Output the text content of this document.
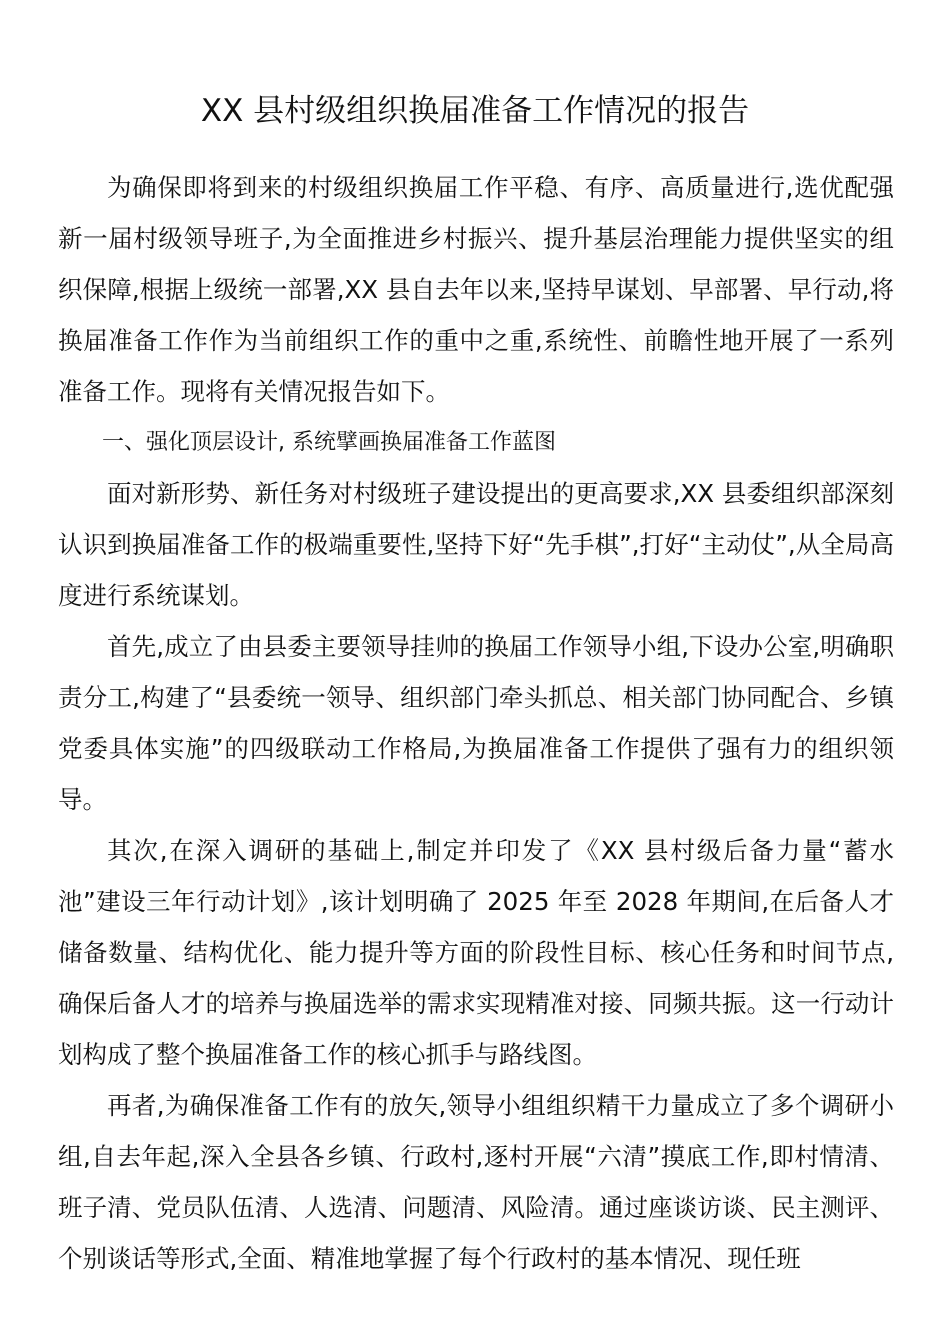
XX 县村级组织换届准备工作情况的报告

为确保即将到来的村级组织换届工作平稳、有序、高质量进行,选优配强新一届村级领导班子,为全面推进乡村振兴、提升基层治理能力提供坚实的组织保障,根据上级统一部署,XX 县自去年以来,坚持早谋划、早部署、早行动,将换届准备工作作为当前组织工作的重中之重,系统性、前瞻性地开展了一系列准备工作。现将有关情况报告如下。

一、强化顶层设计, 系统擘画换届准备工作蓝图

面对新形势、新任务对村级班子建设提出的更高要求,XX 县委组织部深刻认识到换届准备工作的极端重要性,坚持下好“先手棋”,打好“主动仗”,从全局高度进行系统谋划。

首先,成立了由县委主要领导挂帅的换届工作领导小组,下设办公室,明确职责分工,构建了“县委统一领导、组织部门牵头抓总、相关部门协同配合、乡镇党委具体实施”的四级联动工作格局,为换届准备工作提供了强有力的组织领导。

其次,在深入调研的基础上,制定并印发了《XX 县村级后备力量“蓄水池”建设三年行动计划》,该计划明确了 2025 年至 2028 年期间,在后备人才储备数量、结构优化、能力提升等方面的阶段性目标、核心任务和时间节点,确保后备人才的培养与换届选举的需求实现精准对接、同频共振。这一行动计划构成了整个换届准备工作的核心抓手与路线图。

再者,为确保准备工作有的放矢,领导小组组织精干力量成立了多个调研小组,自去年起,深入全县各乡镇、行政村,逐村开展“六清”摸底工作,即村情清、班子清、党员队伍清、人选清、问题清、风险清。通过座谈访谈、民主测评、个别谈话等形式,全面、精准地掌握了每个行政村的基本情况、现任班
